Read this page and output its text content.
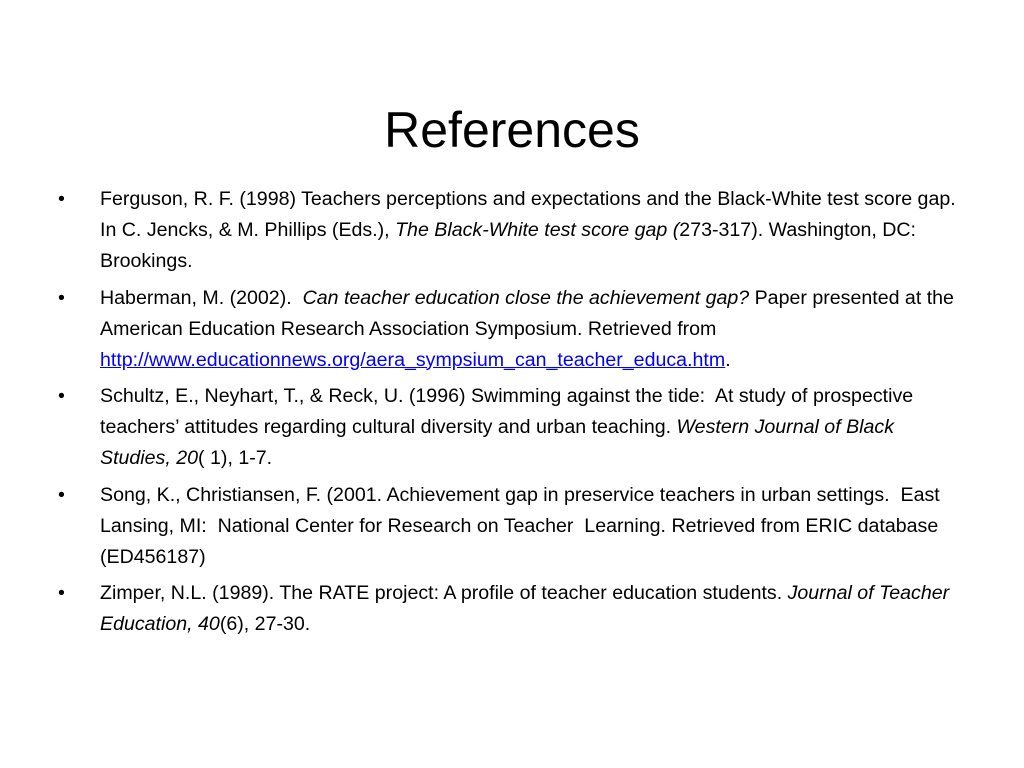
References
•	Ferguson, R. F. (1998) Teachers perceptions and expectations and the Black-White test score gap. In C. Jencks, & M. Phillips (Eds.), The Black-White test score gap (273-317). Washington, DC:  Brookings.
•	Haberman, M. (2002).  Can teacher education close the achievement gap? Paper presented at the American Education Research Association Symposium. Retrieved from http://www.educationnews.org/aera_sympsium_can_teacher_educa.htm.
•	Schultz, E., Neyhart, T., & Reck, U. (1996) Swimming against the tide:  At study of prospective teachers’ attitudes regarding cultural diversity and urban teaching. Western Journal of Black Studies, 20( 1), 1-7.
•	Song, K., Christiansen, F. (2001. Achievement gap in preservice teachers in urban settings.  East Lansing, MI:  National Center for Research on Teacher  Learning. Retrieved from ERIC database (ED456187)
•	Zimper, N.L. (1989). The RATE project: A profile of teacher education students. Journal of Teacher Education, 40(6), 27-30.
